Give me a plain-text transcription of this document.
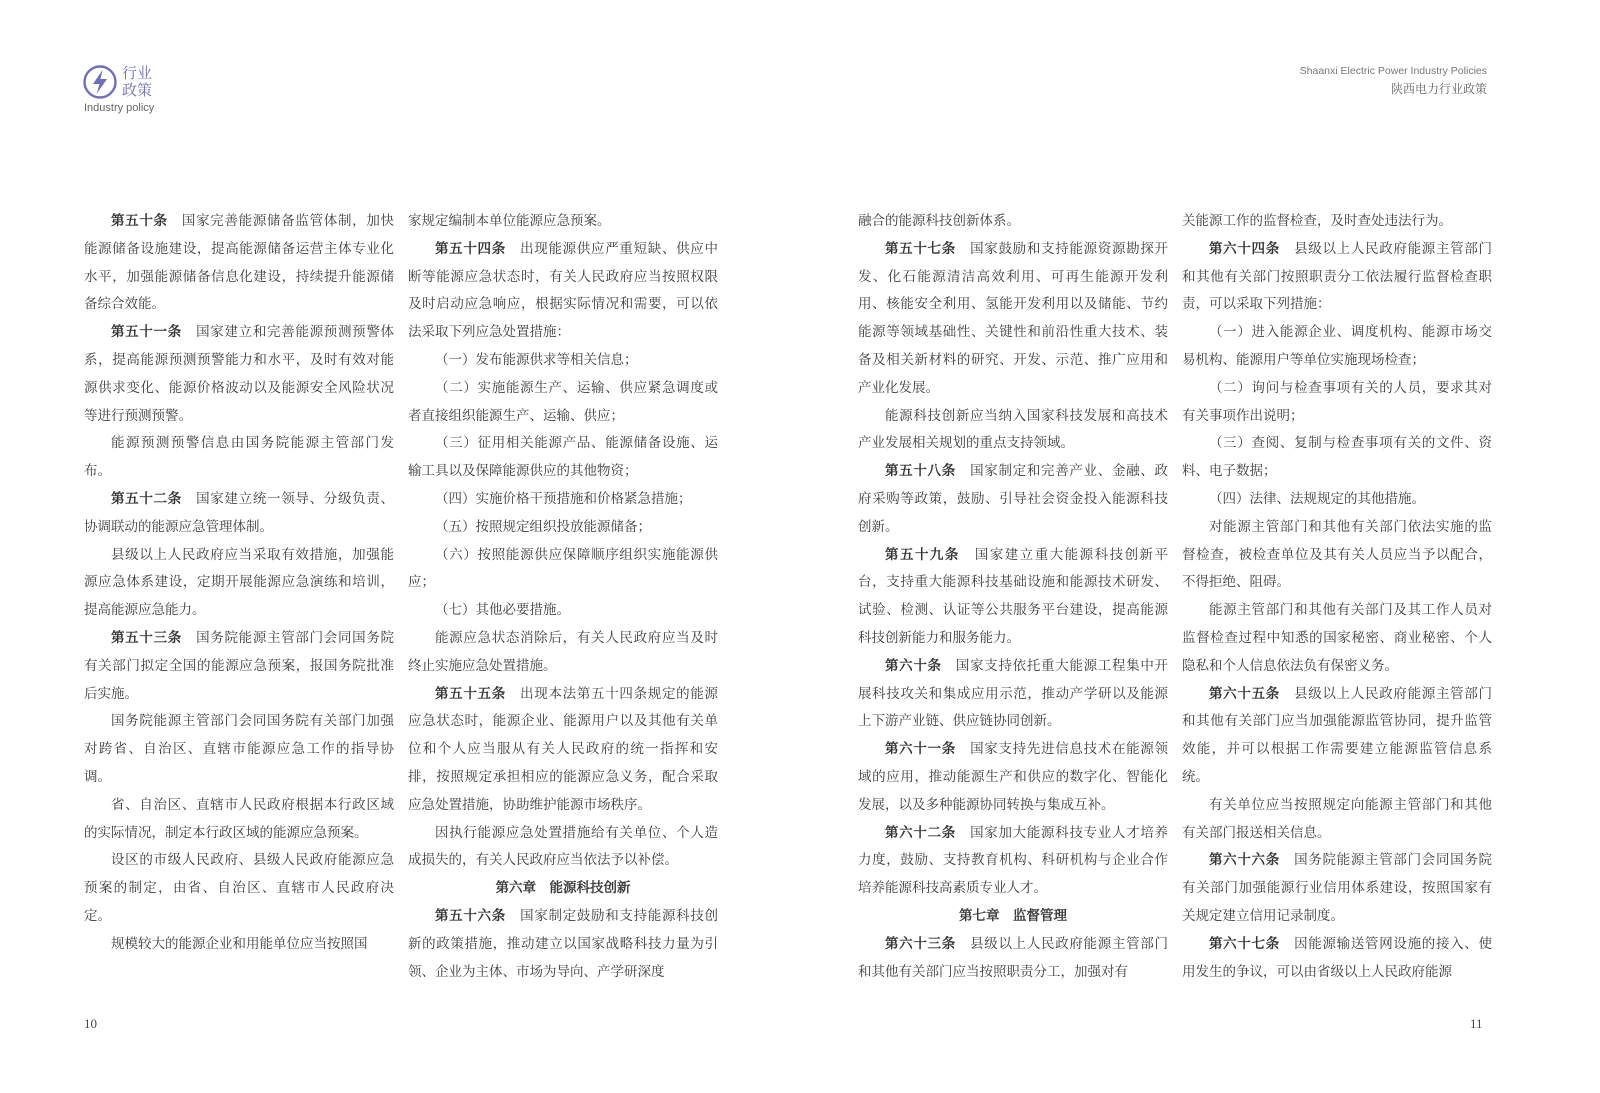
行业
政策
Industry policy
Shaanxi Electric Power Industry Policies
陕西电力行业政策

第五十条　国家完善能源储备监管体制，加快能源储备设施建设，提高能源储备运营主体专业化水平，加强能源储备信息化建设，持续提升能源储备综合效能。

第五十一条　国家建立和完善能源预测预警体系，提高能源预测预警能力和水平，及时有效对能源供求变化、能源价格波动以及能源安全风险状况等进行预测预警。

能源预测预警信息由国务院能源主管部门发布。

第五十二条　国家建立统一领导、分级负责、协调联动的能源应急管理体制。

县级以上人民政府应当采取有效措施，加强能源应急体系建设，定期开展能源应急演练和培训，提高能源应急能力。

第五十三条　国务院能源主管部门会同国务院有关部门拟定全国的能源应急预案，报国务院批准后实施。

国务院能源主管部门会同国务院有关部门加强对跨省、自治区、直辖市能源应急工作的指导协调。

省、自治区、直辖市人民政府根据本行政区域的实际情况，制定本行政区域的能源应急预案。

设区的市级人民政府、县级人民政府能源应急预案的制定，由省、自治区、直辖市人民政府决定。

规模较大的能源企业和用能单位应当按照国

家规定编制本单位能源应急预案。

第五十四条　出现能源供应严重短缺、供应中断等能源应急状态时，有关人民政府应当按照权限及时启动应急响应，根据实际情况和需要，可以依法采取下列应急处置措施：

（一）发布能源供求等相关信息；

（二）实施能源生产、运输、供应紧急调度或者直接组织能源生产、运输、供应；

（三）征用相关能源产品、能源储备设施、运输工具以及保障能源供应的其他物资；

（四）实施价格干预措施和价格紧急措施；

（五）按照规定组织投放能源储备；

（六）按照能源供应保障顺序组织实施能源供应；

（七）其他必要措施。

能源应急状态消除后，有关人民政府应当及时终止实施应急处置措施。

第五十五条　出现本法第五十四条规定的能源应急状态时，能源企业、能源用户以及其他有关单位和个人应当服从有关人民政府的统一指挥和安排，按照规定承担相应的能源应急义务，配合采取应急处置措施，协助维护能源市场秩序。

因执行能源应急处置措施给有关单位、个人造成损失的，有关人民政府应当依法予以补偿。

第六章　能源科技创新

第五十六条　国家制定鼓励和支持能源科技创新的政策措施，推动建立以国家战略科技力量为引领、企业为主体、市场为导向、产学研深度

融合的能源科技创新体系。

第五十七条　国家鼓励和支持能源资源勘探开发、化石能源清洁高效利用、可再生能源开发利用、核能安全利用、氢能开发利用以及储能、节约能源等领域基础性、关键性和前沿性重大技术、装备及相关新材料的研究、开发、示范、推广应用和产业化发展。

能源科技创新应当纳入国家科技发展和高技术产业发展相关规划的重点支持领域。

第五十八条　国家制定和完善产业、金融、政府采购等政策，鼓励、引导社会资金投入能源科技创新。

第五十九条　国家建立重大能源科技创新平台，支持重大能源科技基础设施和能源技术研发、试验、检测、认证等公共服务平台建设，提高能源科技创新能力和服务能力。

第六十条　国家支持依托重大能源工程集中开展科技攻关和集成应用示范，推动产学研以及能源上下游产业链、供应链协同创新。

第六十一条　国家支持先进信息技术在能源领域的应用，推动能源生产和供应的数字化、智能化发展，以及多种能源协同转换与集成互补。

第六十二条　国家加大能源科技专业人才培养力度，鼓励、支持教育机构、科研机构与企业合作培养能源科技高素质专业人才。

第七章　监督管理

第六十三条　县级以上人民政府能源主管部门和其他有关部门应当按照职责分工，加强对有

关能源工作的监督检查，及时查处违法行为。

第六十四条　县级以上人民政府能源主管部门和其他有关部门按照职责分工依法履行监督检查职责，可以采取下列措施：

（一）进入能源企业、调度机构、能源市场交易机构、能源用户等单位实施现场检查；

（二）询问与检查事项有关的人员，要求其对有关事项作出说明；

（三）查阅、复制与检查事项有关的文件、资料、电子数据；

（四）法律、法规规定的其他措施。

对能源主管部门和其他有关部门依法实施的监督检查，被检查单位及其有关人员应当予以配合，不得拒绝、阻碍。

能源主管部门和其他有关部门及其工作人员对监督检查过程中知悉的国家秘密、商业秘密、个人隐私和个人信息依法负有保密义务。

第六十五条　县级以上人民政府能源主管部门和其他有关部门应当加强能源监管协同，提升监管效能，并可以根据工作需要建立能源监管信息系统。

有关单位应当按照规定向能源主管部门和其他有关部门报送相关信息。

第六十六条　国务院能源主管部门会同国务院有关部门加强能源行业信用体系建设，按照国家有关规定建立信用记录制度。

第六十七条　因能源输送管网设施的接入、使用发生的争议，可以由省级以上人民政府能源

10	11
